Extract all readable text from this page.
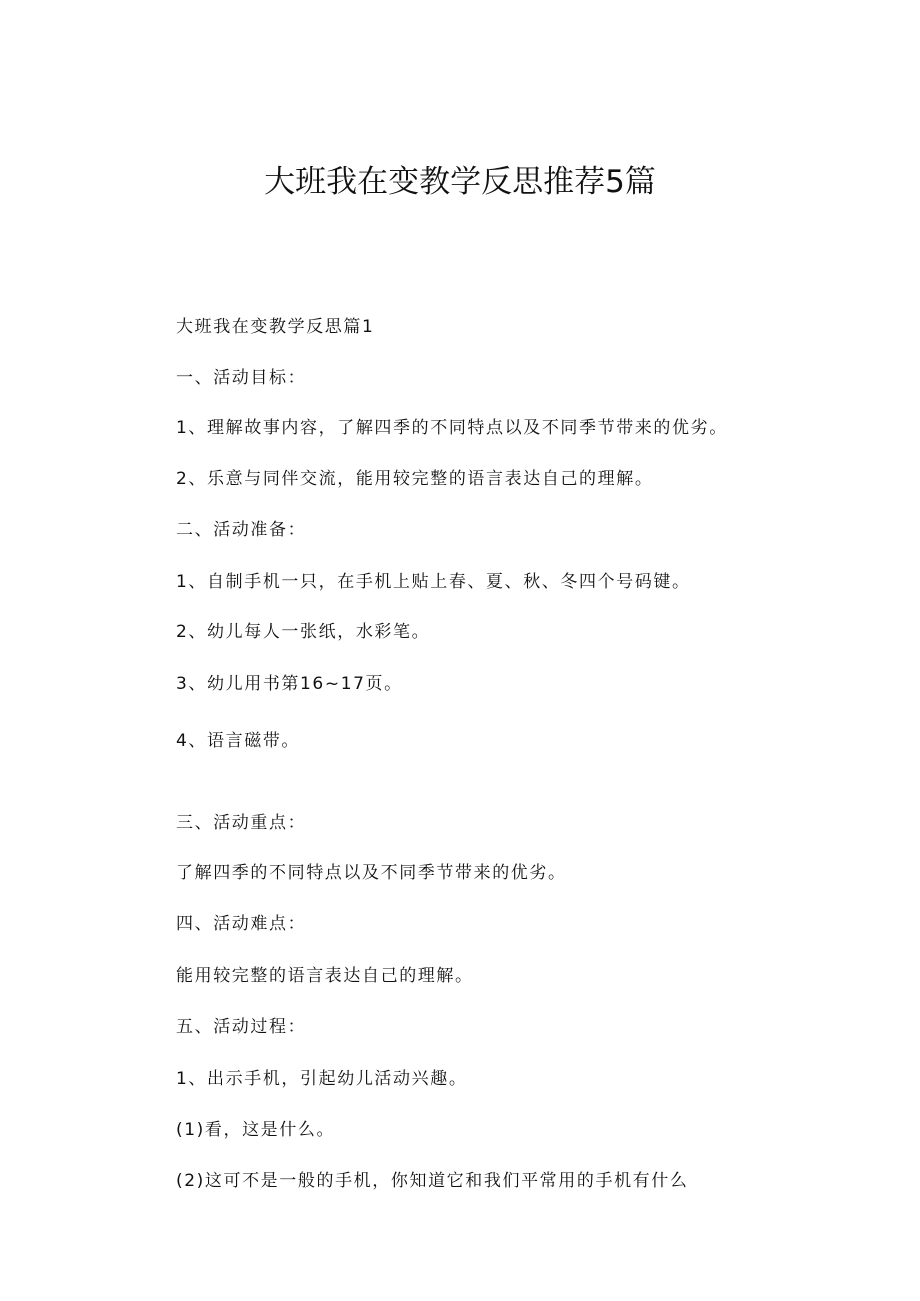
大班我在变教学反思推荐5篇
大班我在变教学反思篇1
一、活动目标：
1、理解故事内容，了解四季的不同特点以及不同季节带来的优劣。
2、乐意与同伴交流，能用较完整的语言表达自己的理解。
二、活动准备：
1、自制手机一只，在手机上贴上春、夏、秋、冬四个号码键。
2、幼儿每人一张纸，水彩笔。
3、幼儿用书第16~17页。
4、语言磁带。
三、活动重点：
了解四季的不同特点以及不同季节带来的优劣。
四、活动难点：
能用较完整的语言表达自己的理解。
五、活动过程：
1、出示手机，引起幼儿活动兴趣。
(1)看，这是什么。
(2)这可不是一般的手机，你知道它和我们平常用的手机有什么
